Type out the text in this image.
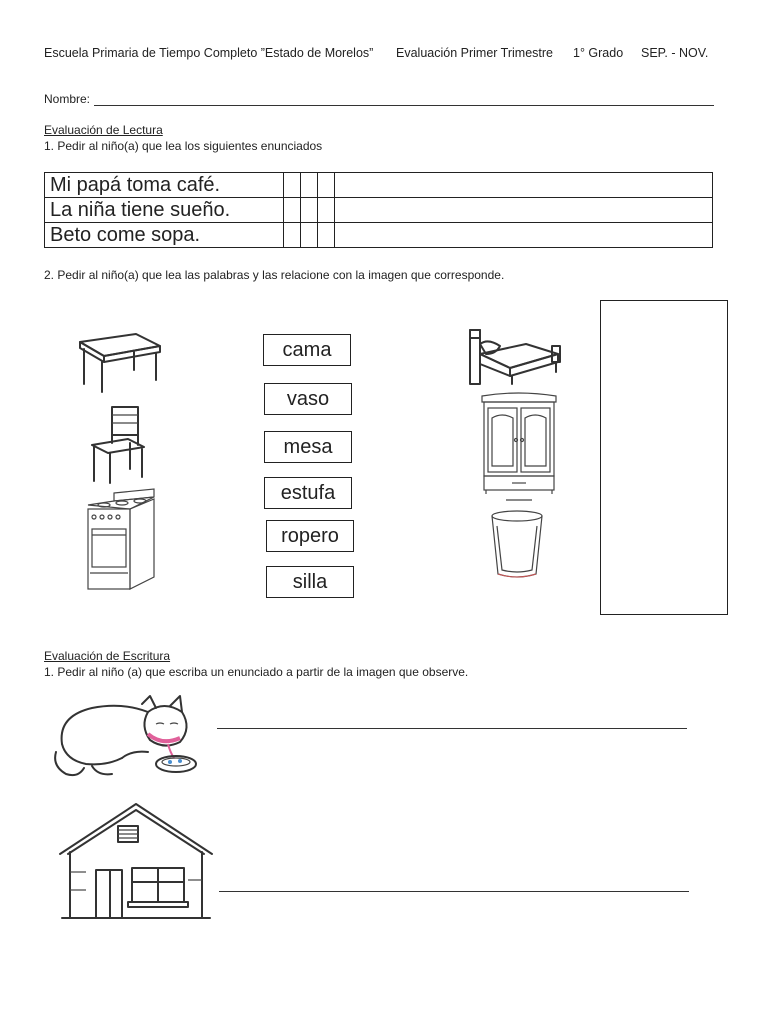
Escuela Primaria de Tiempo Completo ”Estado de Morelos” Evaluación Primer Trimestre 1° Grado SEP. - NOV.
Nombre:
Evaluación de Lectura
1. Pedir al niño(a) que lea los siguientes enunciados
Mi papá toma café.				
La niña tiene sueño.				
Beto come sopa.				
2. Pedir al niño(a) que lea las palabras y las relacione con la imagen que corresponde.
cama
vaso
mesa
estufa
ropero
silla
Evaluación de Escritura
1. Pedir al niño (a) que escriba un enunciado a partir de la imagen que observe.
